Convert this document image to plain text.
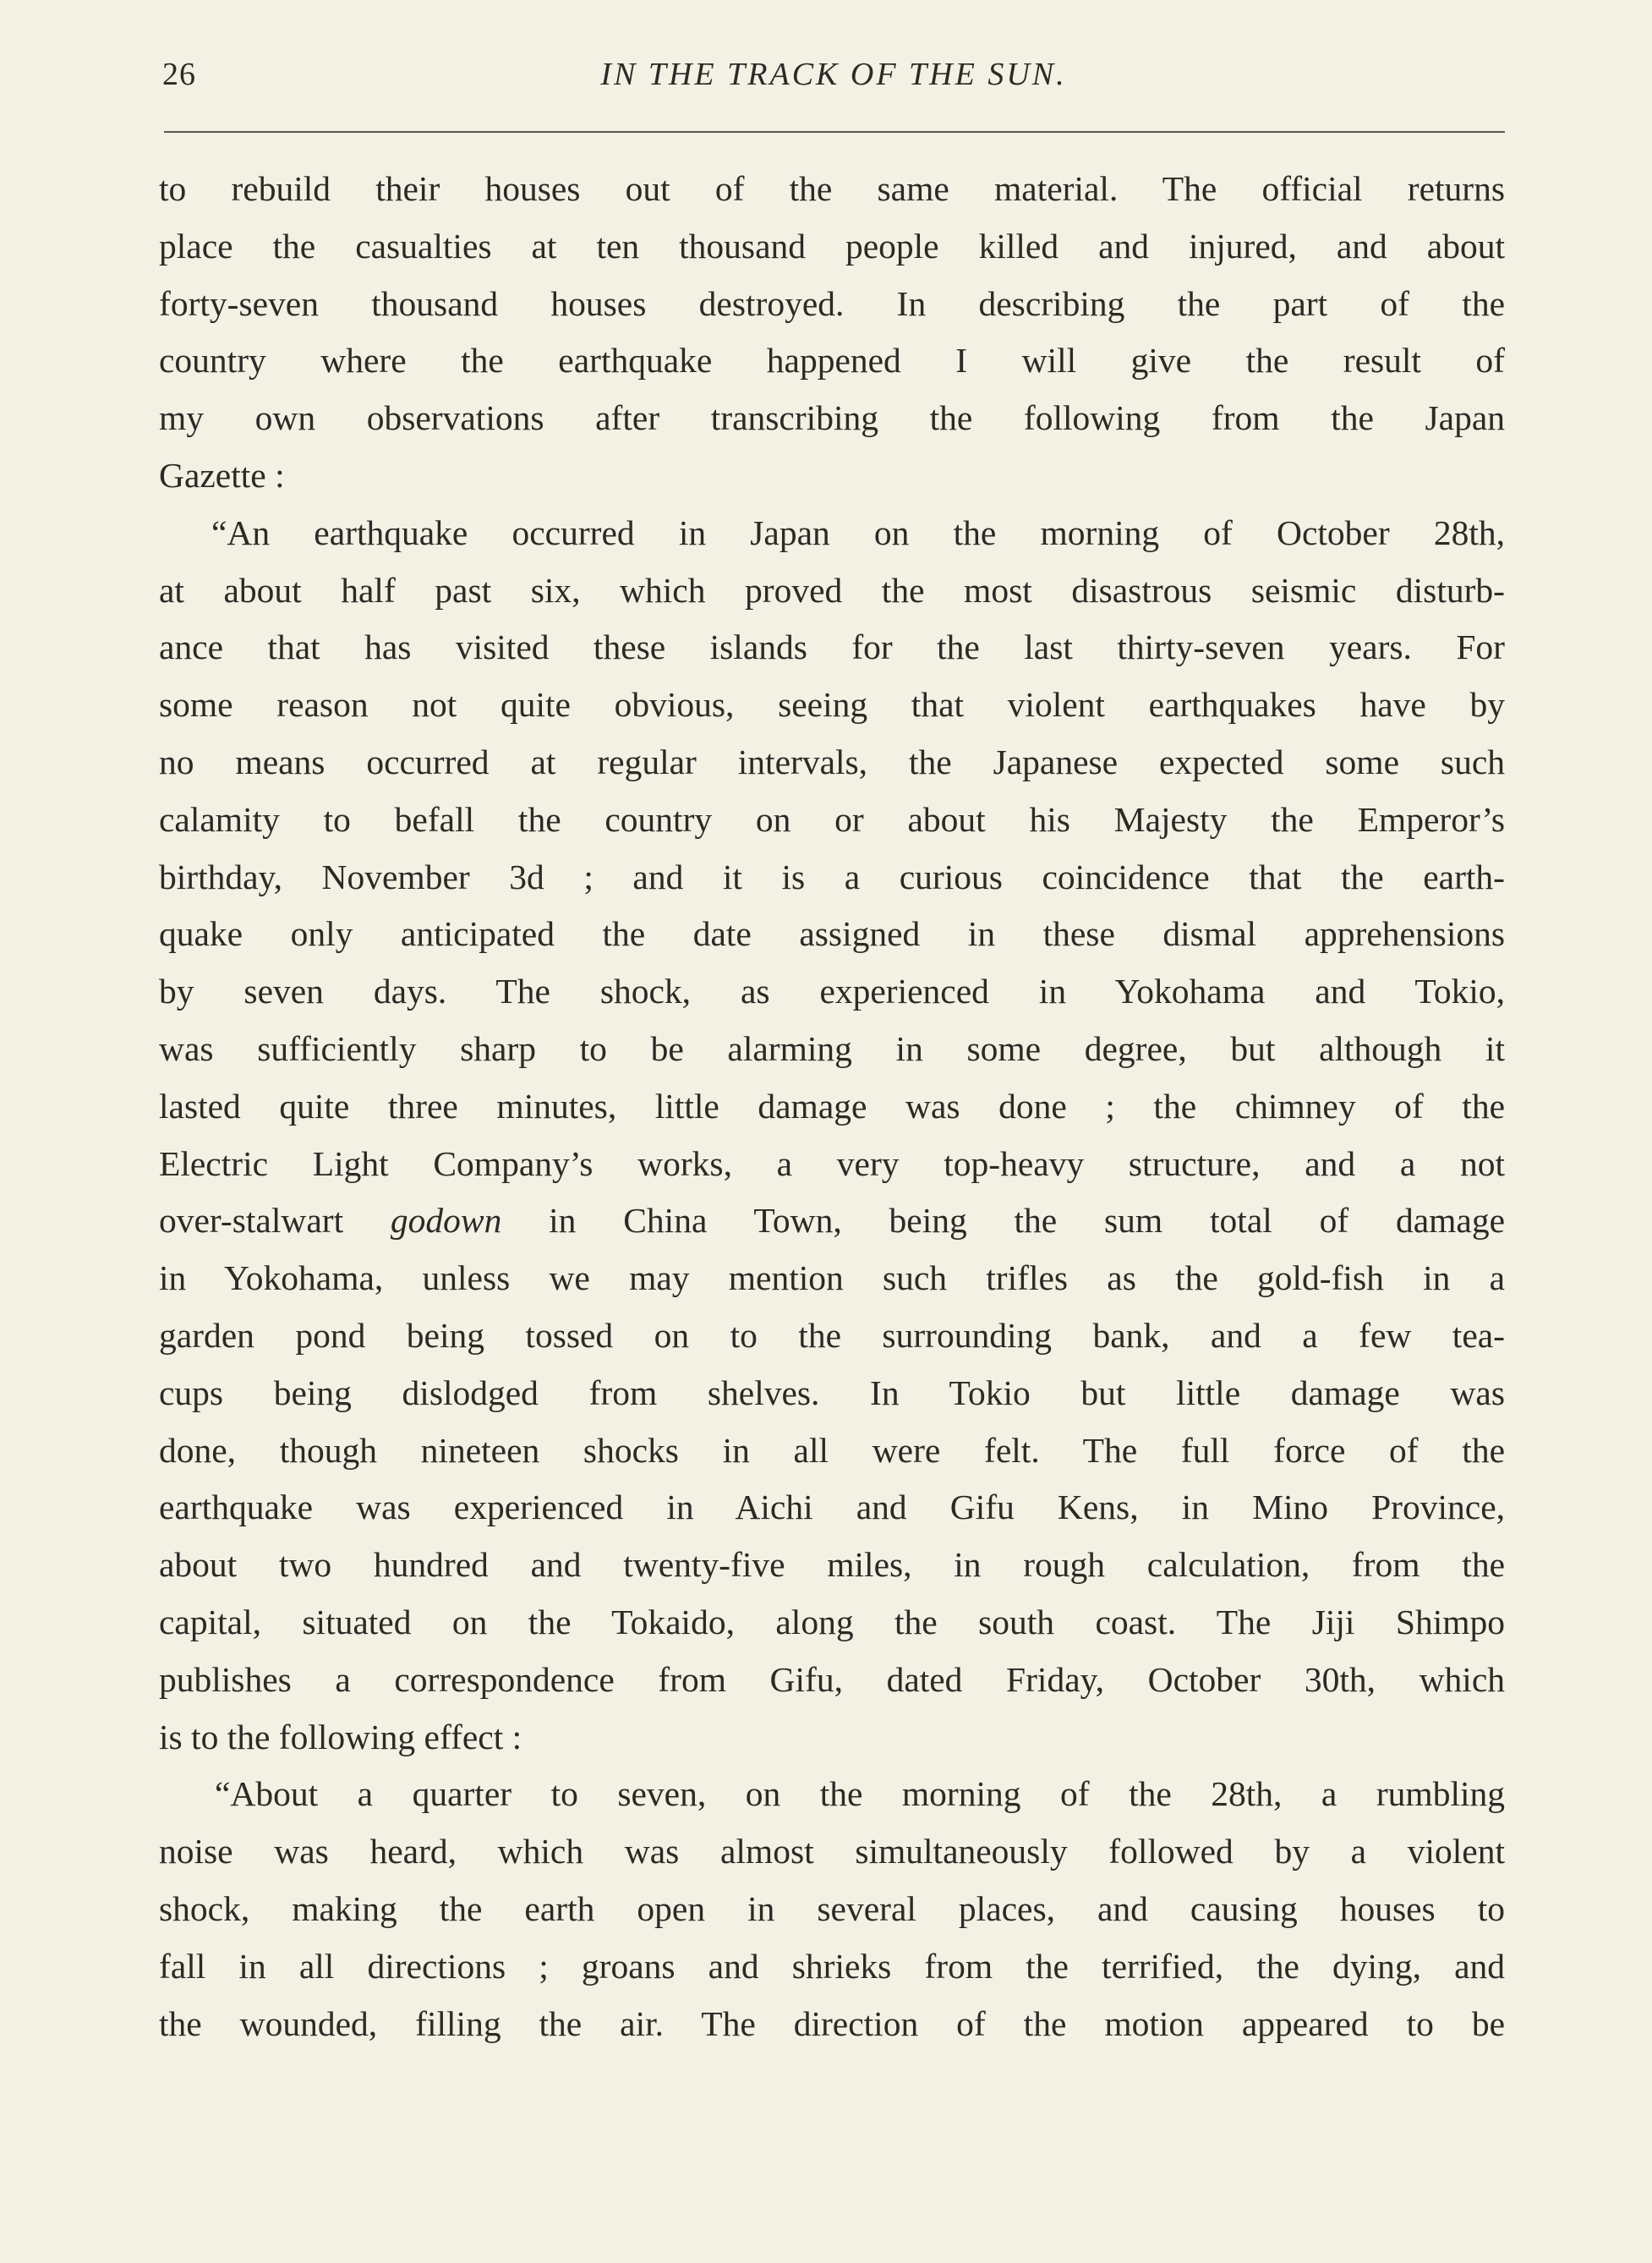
26	IN THE TRACK OF THE SUN.
to rebuild their houses out of the same material. The official returns
place the casualties at ten thousand people killed and injured, and about
forty-seven thousand houses destroyed. In describing the part of the
country where the earthquake happened I will give the result of
my own observations after transcribing the following from the Japan
Gazette :
“An earthquake occurred in Japan on the morning of October 28th,
at about half past six, which proved the most disastrous seismic disturb-
ance that has visited these islands for the last thirty-seven years. For
some reason not quite obvious, seeing that violent earthquakes have by
no means occurred at regular intervals, the Japanese expected some such
calamity to befall the country on or about his Majesty the Emperor’s
birthday, November 3d ; and it is a curious coincidence that the earth-
quake only anticipated the date assigned in these dismal apprehensions
by seven days. The shock, as experienced in Yokohama and Tokio,
was sufficiently sharp to be alarming in some degree, but although it
lasted quite three minutes, little damage was done ; the chimney of the
Electric Light Company’s works, a very top-heavy structure, and a not
over-stalwart godown in China Town, being the sum total of damage
in Yokohama, unless we may mention such trifles as the gold-fish in a
garden pond being tossed on to the surrounding bank, and a few tea-
cups being dislodged from shelves. In Tokio but little damage was
done, though nineteen shocks in all were felt. The full force of the
earthquake was experienced in Aichi and Gifu Kens, in Mino Province,
about two hundred and twenty-five miles, in rough calculation, from the
capital, situated on the Tokaido, along the south coast. The Jiji Shimpo
publishes a correspondence from Gifu, dated Friday, October 30th, which
is to the following effect :
“About a quarter to seven, on the morning of the 28th, a rumbling
noise was heard, which was almost simultaneously followed by a violent
shock, making the earth open in several places, and causing houses to
fall in all directions ; groans and shrieks from the terrified, the dying, and
the wounded, filling the air. The direction of the motion appeared to be
